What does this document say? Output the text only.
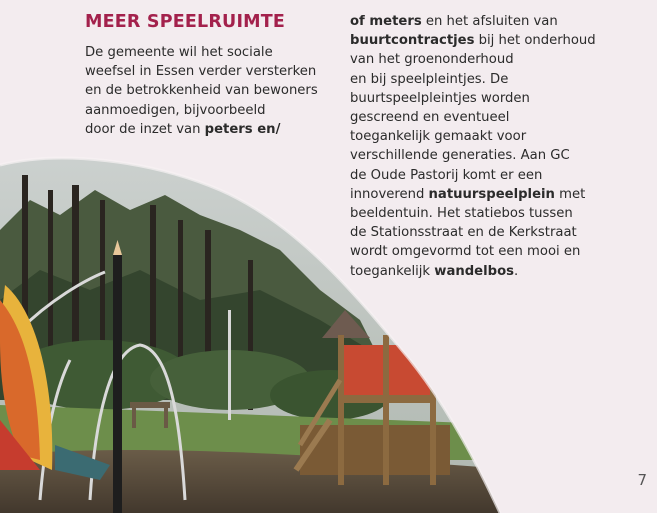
MEER SPEELRUIMTE

De gemeente wil het sociale
weefsel in Essen verder versterken
en de betrokkenheid van bewoners
aanmoedigen, bijvoorbeeld
door de inzet van peters en/

of meters en het afsluiten van
buurtcontractjes bij het onderhoud
van het groenonderhoud
en bij speelpleintjes. De
buurtspeelpleintjes worden
gescreend en eventueel
toegankelijk gemaakt voor
verschillende generaties. Aan GC
de Oude Pastorij komt er een
innoverend natuurspeelplein met
beeldentuin. Het statiebos tussen
de Stationsstraat en de Kerkstraat
wordt omgevormd tot een mooi en
toegankelijk wandelbos.

7
